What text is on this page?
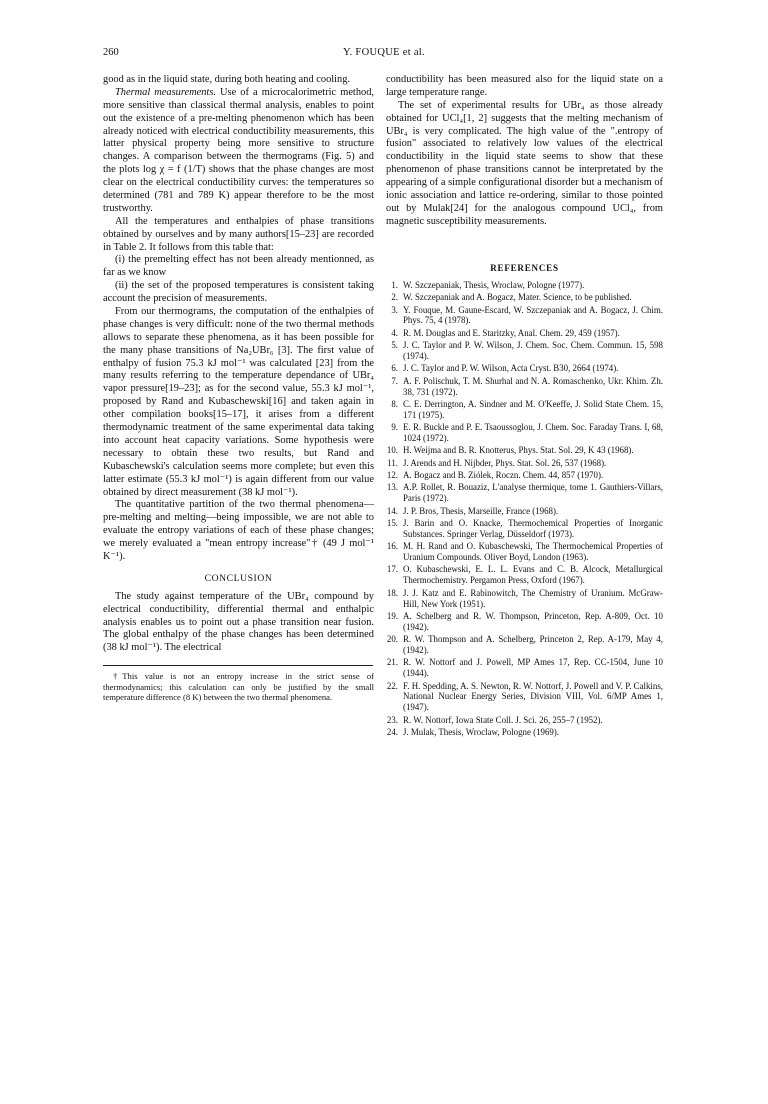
260	Y. FOUQUE et al.

good as in the liquid state, during both heating and cooling.

Thermal measurements. Use of a microcalorimetric method, more sensitive than classical thermal analysis, enables to point out the existence of a pre-melting phenomenon which has been already noticed with electrical conductibility measurements, this latter physical property being more sensitive to structure changes. A comparison between the thermograms (Fig. 5) and the plots log χ = f (1/T) shows that the phase changes are most clear on the electrical conductibility curves: the temperatures so determined (781 and 789 K) appear therefore to be the most trustworthy.

All the temperatures and enthalpies of phase transitions obtained by ourselves and by many authors[15–23] are recorded in Table 2. It follows from this table that:

(i) the premelting effect has not been already mentionned, as far as we know

(ii) the set of the proposed temperatures is consistent taking account the precision of measurements.

From our thermograms, the computation of the enthalpies of phase changes is very difficult: none of the two thermal methods allows to separate these phenomena, as it has been possible for the many phase transitions of Na₂UBr₆ [3]. The first value of enthalpy of fusion 75.3 kJ mol⁻¹ was calculated [23] from the many results referring to the temperature dependance of UBr₄ vapor pressure[19–23]; as for the second value, 55.3 kJ mol⁻¹, proposed by Rand and Kubaschewski[16] and taken again in other compilation books[15–17], it arises from a different thermodynamic treatment of the same experimental data taking into account heat capacity variations. Some hypothesis were necessary to obtain these two results, but Rand and Kubaschewski's calculation seems more complete; but even this latter estimate (55.3 kJ mol⁻¹) is again different from our value obtained by direct measurement (38 kJ mol⁻¹).

The quantitative partition of the two thermal phenomena—pre-melting and melting—being impossible, we are not able to evaluate the entropy variations of each of these phase changes; we merely evaluated a "mean entropy increase"† (49 J mol⁻¹ K⁻¹).

CONCLUSION

The study against temperature of the UBr₄ compound by electrical conductibility, differential thermal and enthalpic analysis enables us to point out a phase transition near fusion. The global enthalpy of the phase changes has been determined (38 kJ mol⁻¹). The electrical

†This value is not an entropy increase in the strict sense of thermodynamics; this calculation can only be justified by the small temperature difference (8 K) between the two thermal phenomena.

conductibility has been measured also for the liquid state on a large temperature range.

The set of experimental results for UBr₄ as those already obtained for UCl₄[1, 2] suggests that the melting mechanism of UBr₄ is very complicated. The high value of the ".entropy of fusion" associated to relatively low values of the electrical conductibility in the liquid state seems to show that these phenomenon of phase transitions cannot be interpretated by the appearing of a simple configurational disorder but a mechanism of ionic association and lattice re-ordering, similar to those pointed out by Mulak[24] for the analogous compound UCl₄, from magnetic susceptibility measurements.

REFERENCES
1. W. Szczepaniak, Thesis, Wroclaw, Pologne (1977).
2. W. Szczepaniak and A. Bogacz, Mater. Science, to be published.
3. Y. Fouque, M. Gaune-Escard, W. Szczepaniak and A. Bogacz, J. Chim. Phys. 75, 4 (1978).
4. R. M. Douglas and E. Staritzky, Anal. Chem. 29, 459 (1957).
5. J. C. Taylor and P. W. Wilson, J. Chem. Soc. Chem. Commun. 15, 598 (1974).
6. J. C. Taylor and P. W. Wilson, Acta Cryst. B30, 2664 (1974).
7. A. F. Polischuk, T. M. Shurhal and N. A. Romaschenko, Ukr. Khim. Zh. 38, 731 (1972).
8. C. E. Derrington, A. Sindner and M. O'Keeffe, J. Solid State Chem. 15, 171 (1975).
9. E. R. Buckle and P. E. Tsaoussoglou, J. Chem. Soc. Faraday Trans. I, 68, 1024 (1972).
10. H. Weijma and B. R. Knotterus, Phys. Stat. Sol. 29, K 43 (1968).
11. J. Arends and H. Nijbder, Phys. Stat. Sol. 26, 537 (1968).
12. A. Bogacz and B. Ziólek, Roczn. Chem. 44, 857 (1970).
13. A.P. Rollet, R. Bouaziz, L'analyse thermique, tome 1. Gauthiers-Villars, Paris (1972).
14. J. P. Bros, Thesis, Marseille, France (1968).
15. J. Barin and O. Knacke, Thermochemical Properties of Inorganic Substances. Springer Verlag, Düsseldorf (1973).
16. M. H. Rand and O. Kubaschewski, The Thermochemical Properties of Uranium Compounds. Oliver Boyd, London (1963).
17. O. Kubaschewski, E. L. L. Evans and C. B. Alcock, Metallurgical Thermochemistry. Pergamon Press, Oxford (1967).
18. J. J. Katz and E. Rabinowitch, The Chemistry of Uranium. McGraw-Hill, New York (1951).
19. A. Schelberg and R. W. Thompson, Princeton, Rep. A-809, Oct. 10 (1942).
20. R. W. Thompson and A. Schelberg, Princeton 2, Rep. A-179, May 4, (1942).
21. R. W. Nottorf and J. Powell, MP Ames 17, Rep. CC-1504, June 10 (1944).
22. F. H. Spedding, A. S. Newton, R. W. Nottorf, J. Powell and V. P. Calkins, National Nuclear Energy Series, Division VIII, Vol. 6/MP Ames 1, (1947).
23. R. W. Nottorf, Iowa State Coll. J. Sci. 26, 255–7 (1952).
24. J. Mulak, Thesis, Wroclaw, Pologne (1969).
